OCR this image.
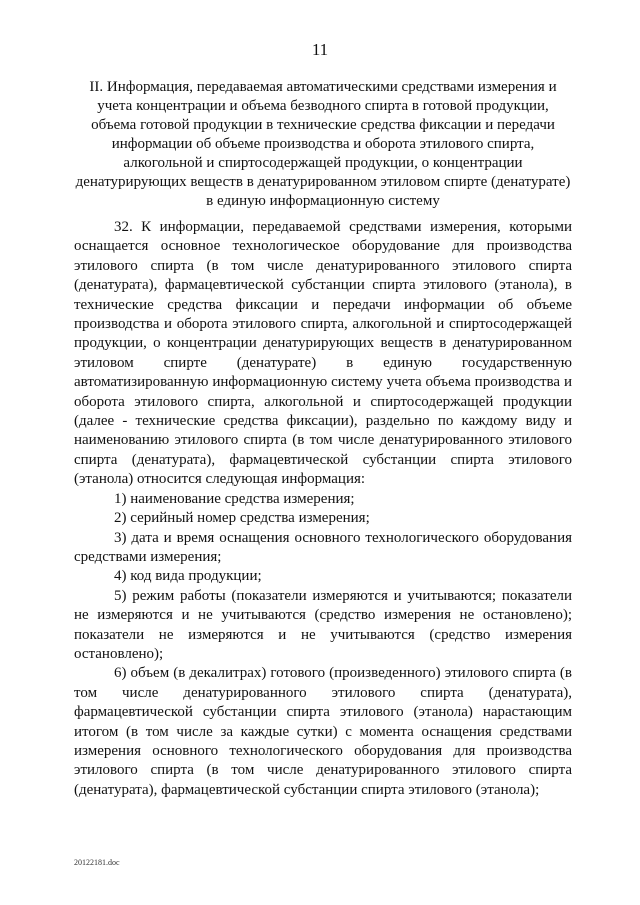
11
II. Информация, передаваемая автоматическими средствами измерения и учета концентрации и объема безводного спирта в готовой продукции, объема готовой продукции в технические средства фиксации и передачи информации об объеме производства и оборота этилового спирта, алкогольной и спиртосодержащей продукции, о концентрации денатурирующих веществ в денатурированном этиловом спирте (денатурате) в единую информационную систему

32. К информации, передаваемой средствами измерения, которыми оснащается основное технологическое оборудование для производства этилового спирта (в том числе денатурированного этилового спирта (денатурата), фармацевтической субстанции спирта этилового (этанола), в технические средства фиксации и передачи информации об объеме производства и оборота этилового спирта, алкогольной и спиртосодержащей продукции, о концентрации денатурирующих веществ в денатурированном этиловом спирте (денатурате) в единую государственную автоматизированную информационную систему учета объема производства и оборота этилового спирта, алкогольной и спиртосодержащей продукции (далее - технические средства фиксации), раздельно по каждому виду и наименованию этилового спирта (в том числе денатурированного этилового спирта (денатурата), фармацевтической субстанции спирта этилового (этанола) относится следующая информация:

1) наименование средства измерения;

2) серийный номер средства измерения;

3) дата и время оснащения основного технологического оборудования средствами измерения;

4) код вида продукции;

5) режим работы (показатели измеряются и учитываются; показатели не измеряются и не учитываются (средство измерения не остановлено); показатели не измеряются и не учитываются (средство измерения остановлено);

6) объем (в декалитрах) готового (произведенного) этилового спирта (в том числе денатурированного этилового спирта (денатурата), фармацевтической субстанции спирта этилового (этанола) нарастающим итогом (в том числе за каждые сутки) с момента оснащения средствами измерения основного технологического оборудования для производства этилового спирта (в том числе денатурированного этилового спирта (денатурата), фармацевтической субстанции спирта этилового (этанола);

20122181.doc
